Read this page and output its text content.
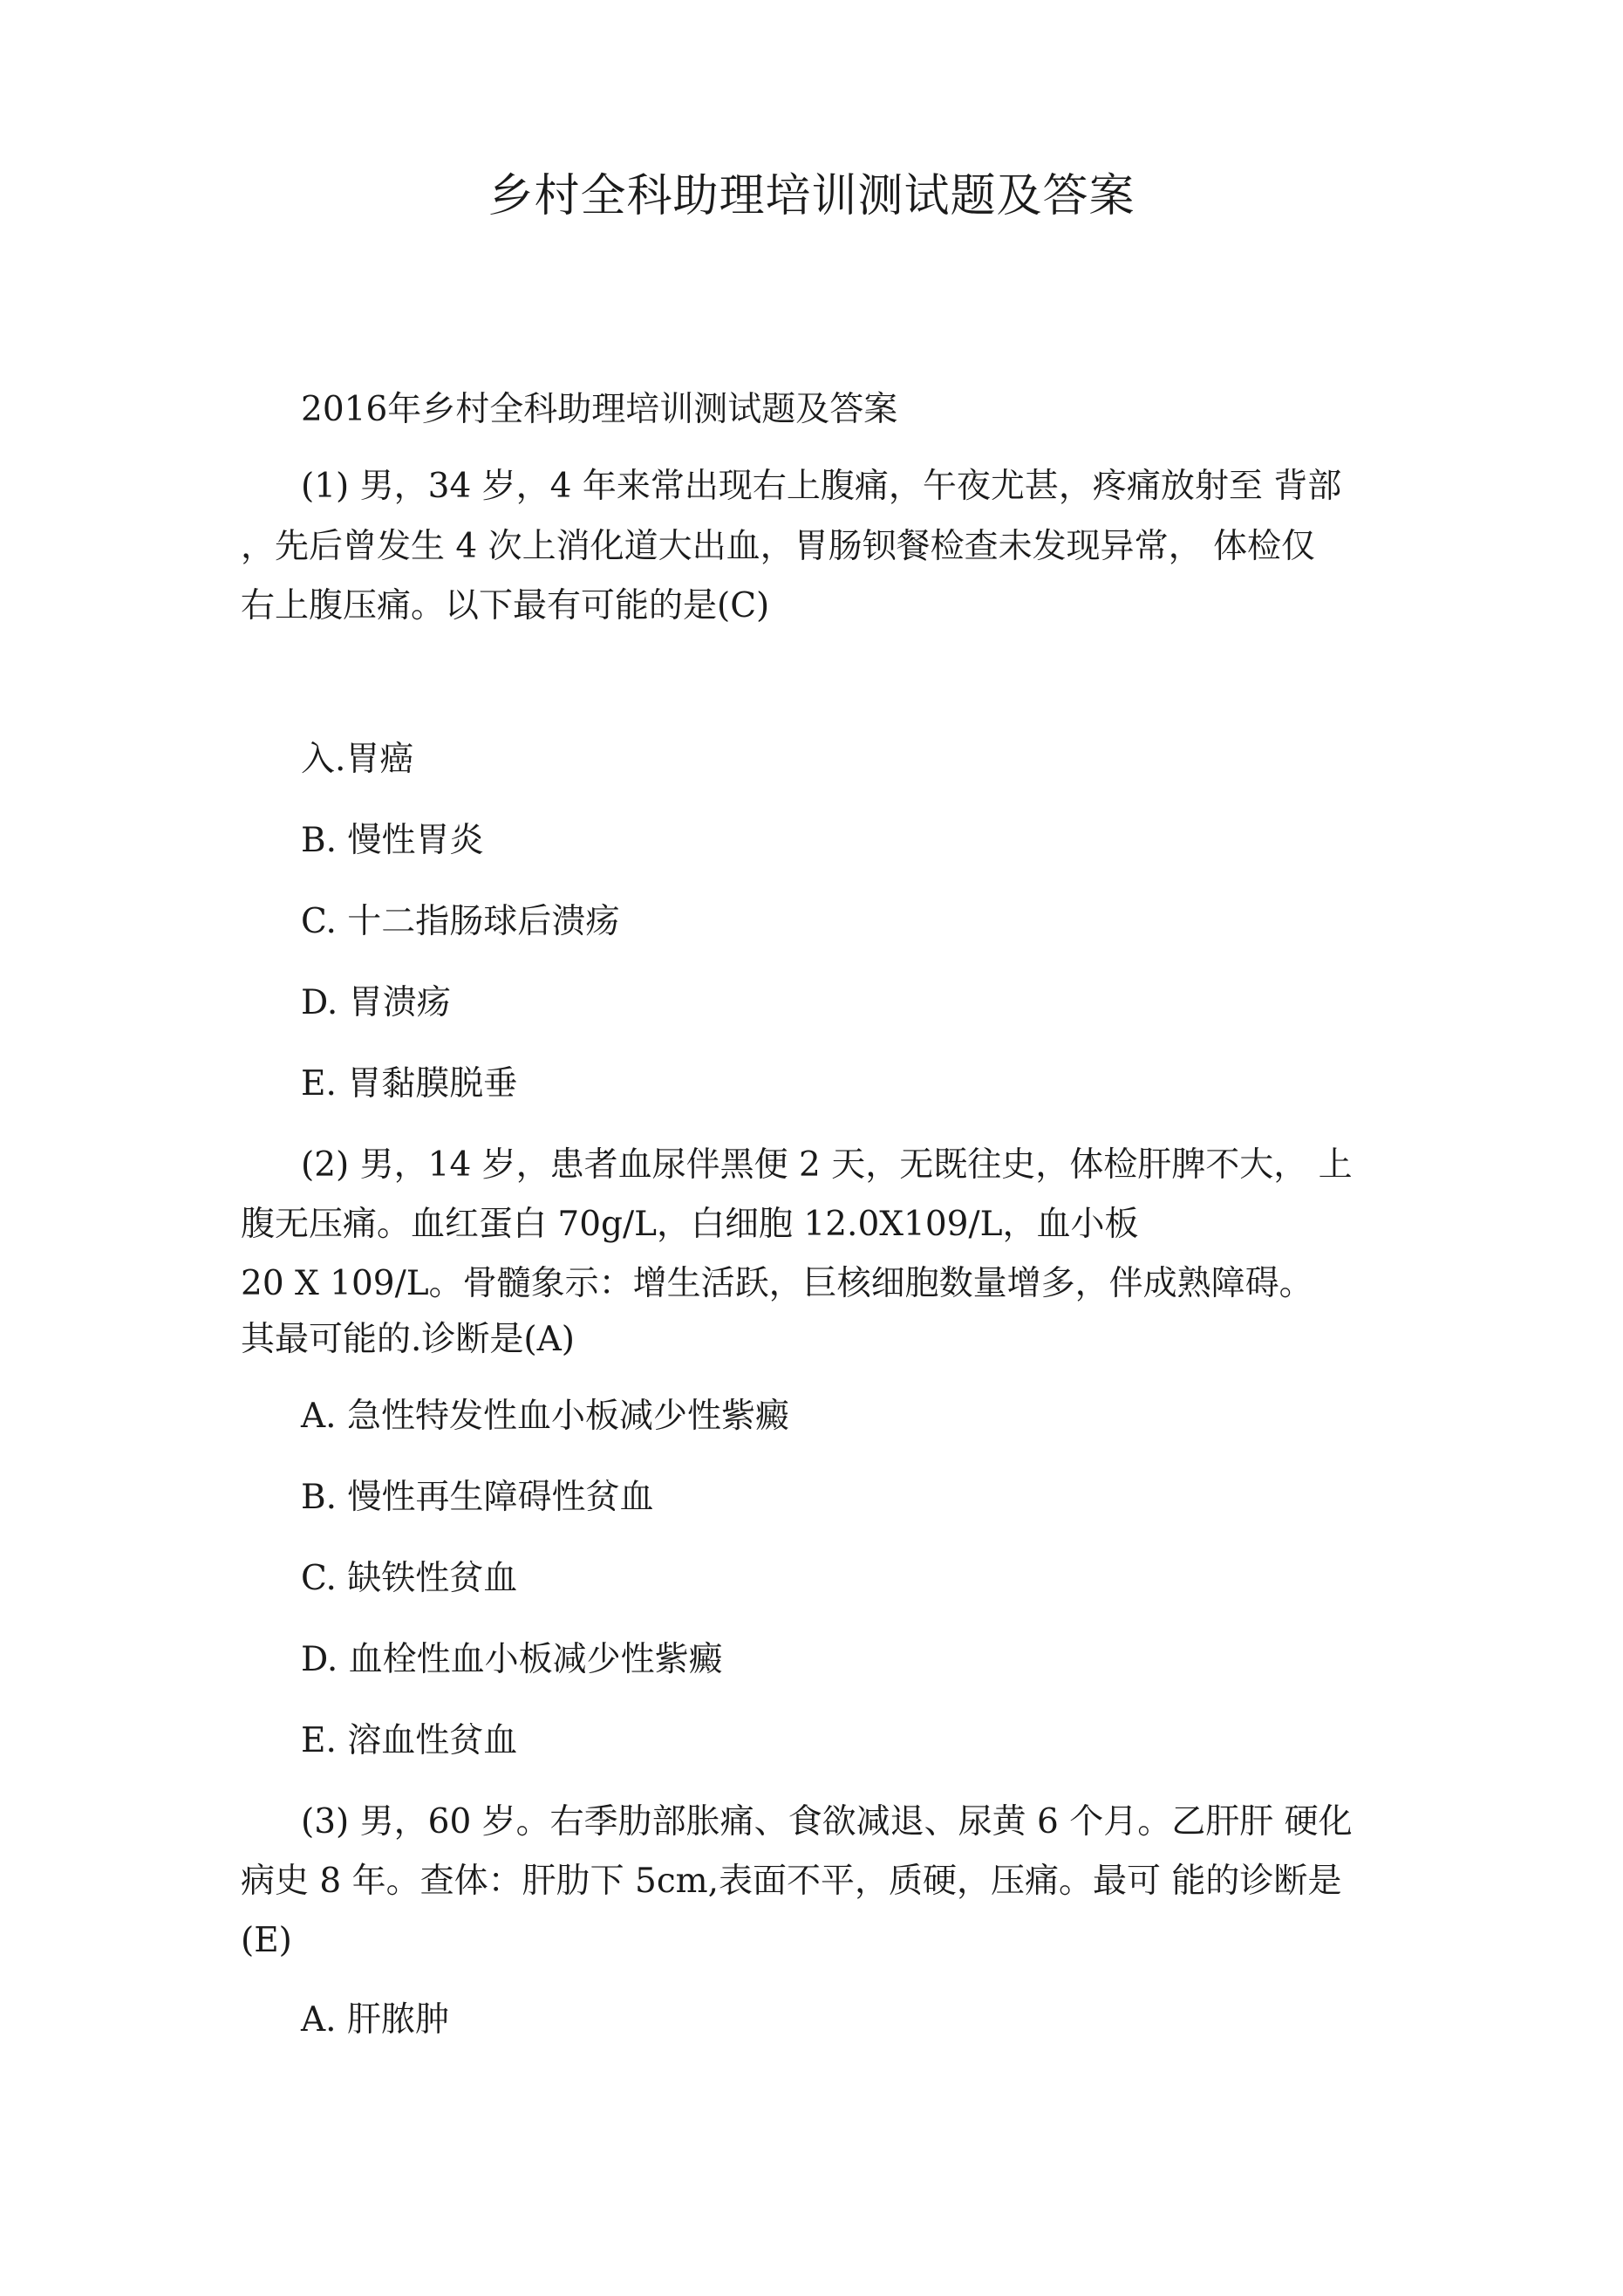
乡村全科助理培训测试题及答案
2016年乡村全科助理培训测试题及答案
(1) 男，34 岁，4 年来常出现右上腹痛，午夜尤甚，疼痛放射至 背部
，先后曾发生 4 次上消化道大出血，胃肠钡餐检查未发现异常， 体检仅
右上腹压痛。以下最有可能的是(C)
入.胃癌
B. 慢性胃炎
C. 十二指肠球后溃疡
D. 胃溃疡
E. 胃黏膜脱垂
(2) 男，14 岁，患者血尿伴黑便 2 天，无既往史，体检肝脾不大， 上
腹无压痛。血红蛋白 70g/L，白细胞 12.0X109/L，血小板
20 X 109/L。骨髓象示：增生活跃，巨核细胞数量增多，伴成熟障碍。
其最可能的.诊断是(A)
A. 急性特发性血小板减少性紫癜
B. 慢性再生障碍性贫血
C. 缺铁性贫血
D. 血栓性血小板减少性紫癜
E. 溶血性贫血
(3) 男，60 岁。右季肋部胀痛、食欲减退、尿黄 6 个月。乙肝肝 硬化
病史 8 年。查体：肝肋下 5cm,表面不平，质硬，压痛。最可 能的诊断是
(E)
A. 肝脓肿
